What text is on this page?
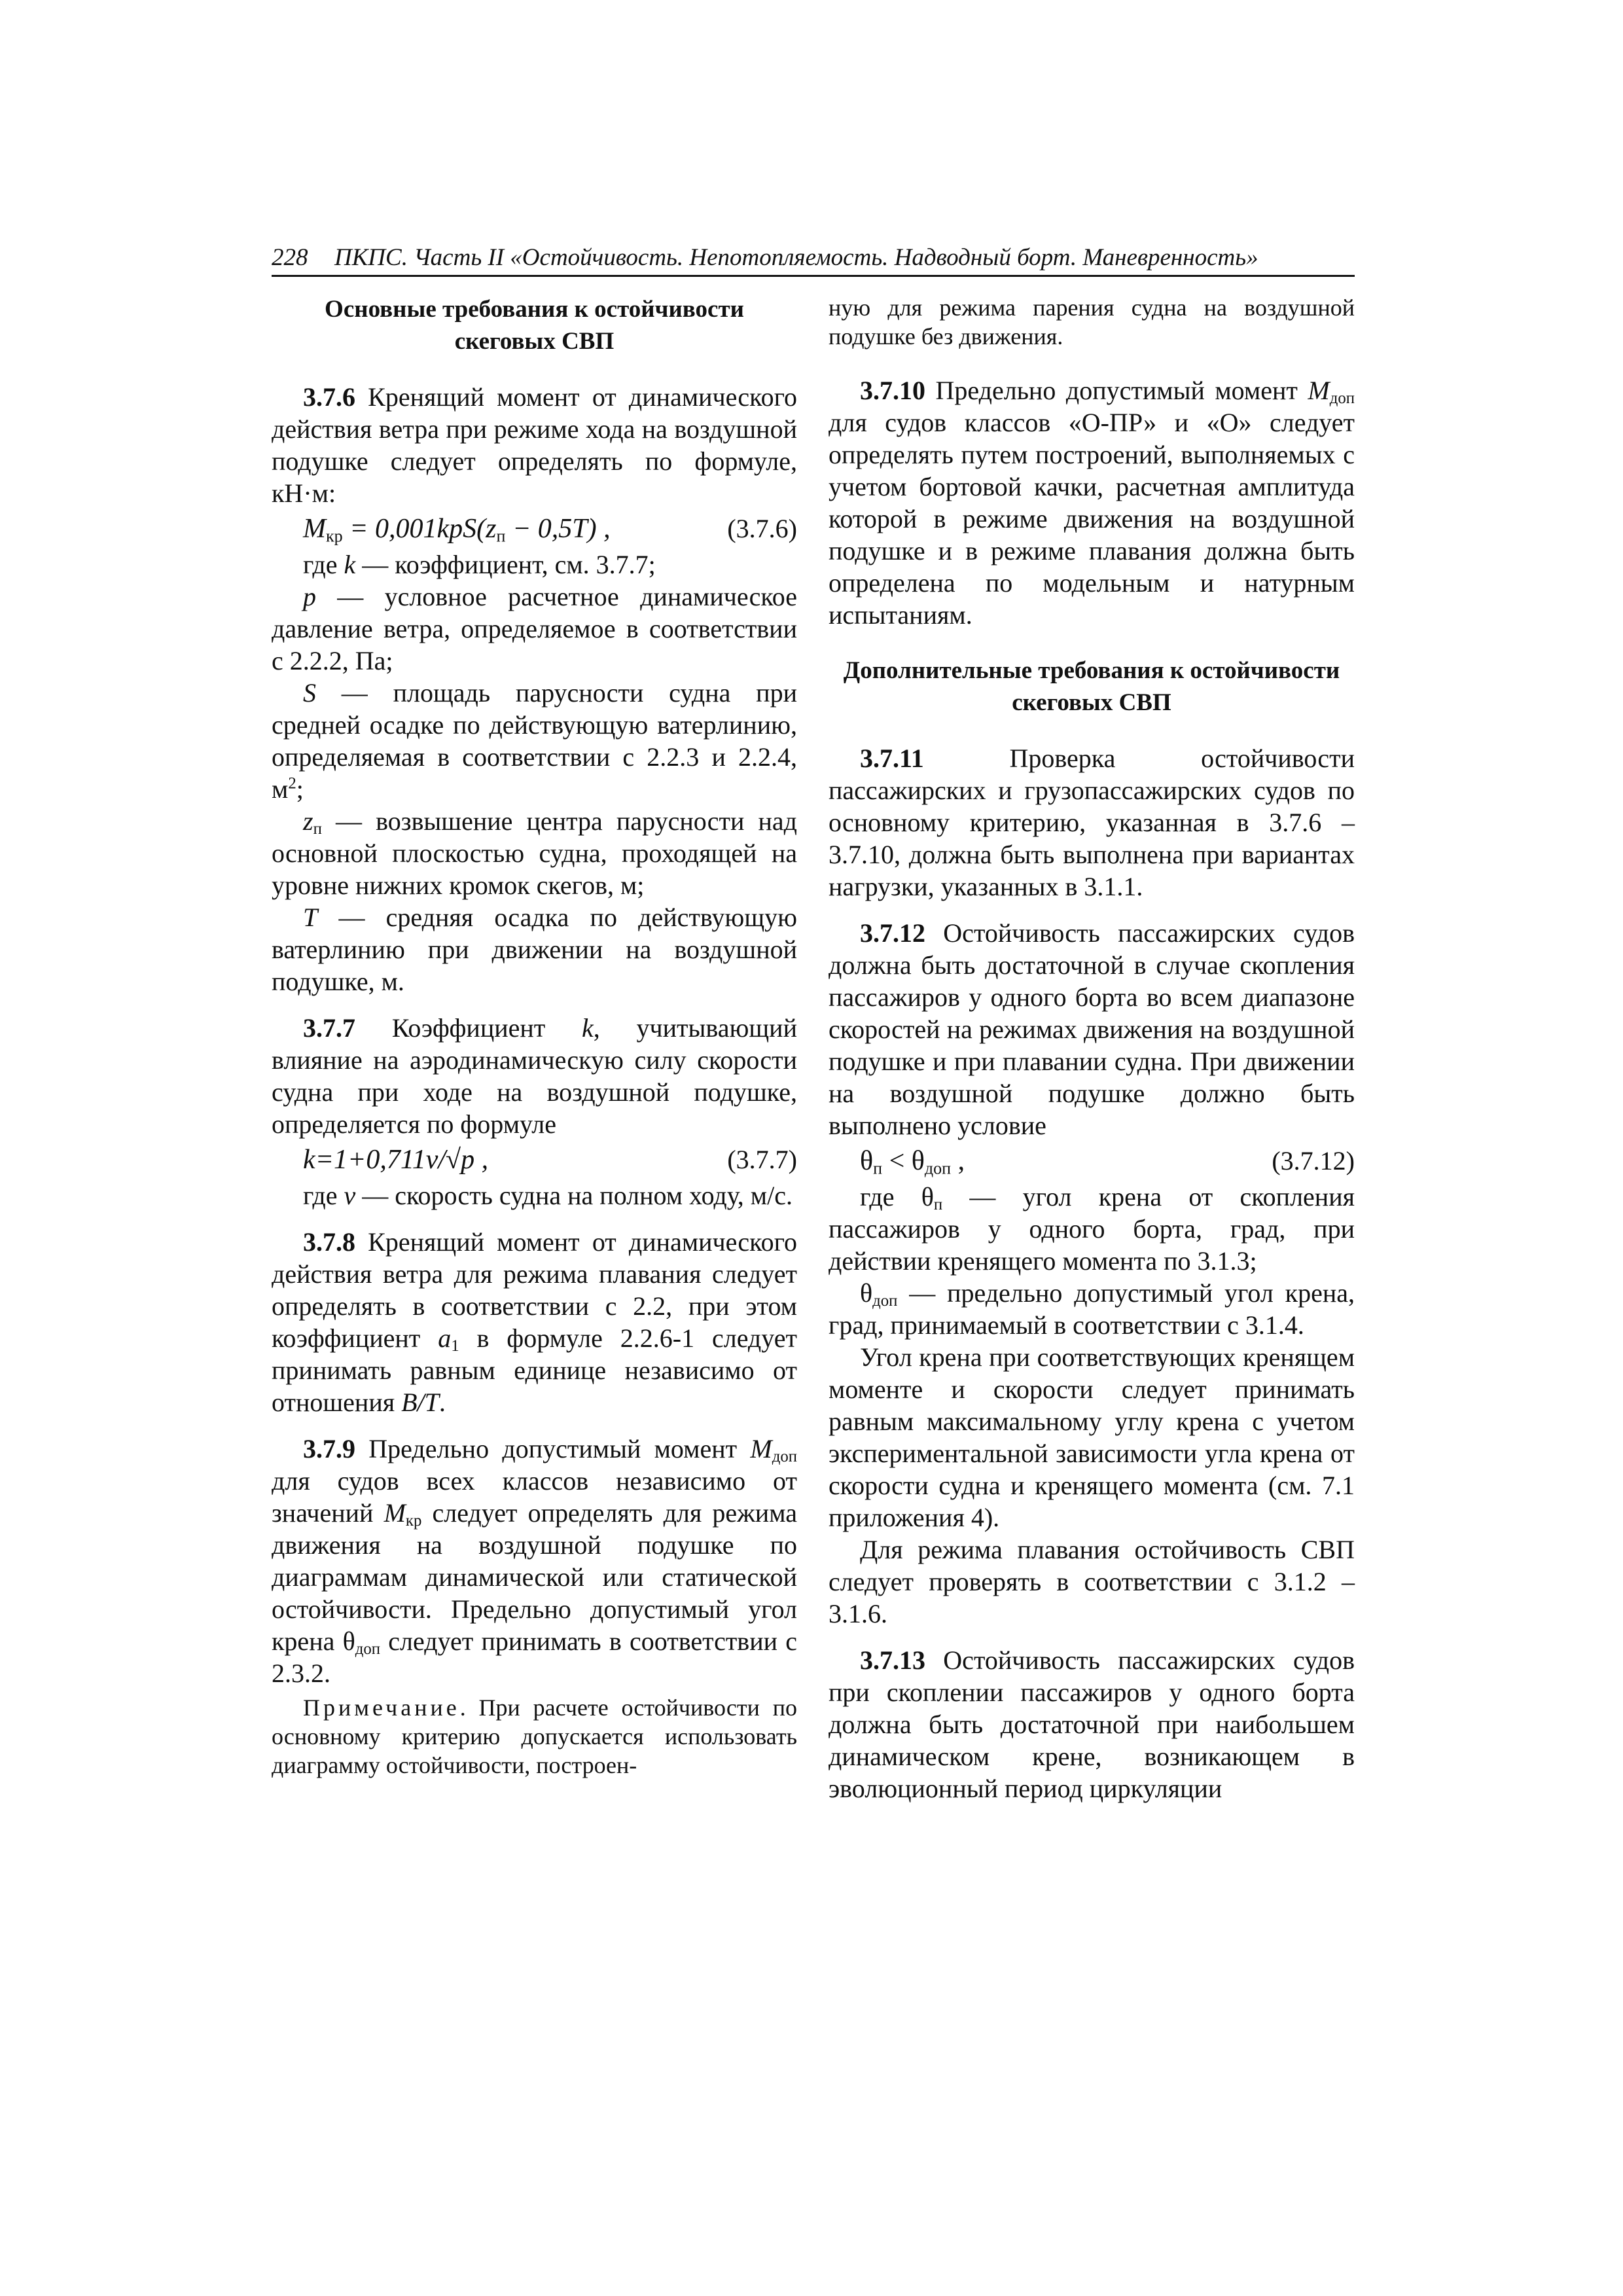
228 ПКПС. Часть II «Остойчивость. Непотопляемость. Надводный борт. Маневренность»
Основные требования к остойчивости
скеговых СВП

3.7.6 Кренящий момент от динамического действия ветра при режиме хода на воздушной подушке следует определять по формуле, кН·м:

$M_{кр} = 0,001kpS(z_п - 0,5T)$ ,	(3.7.6)

где k — коэффициент, см. 3.7.7;

p — условное расчетное динамическое давление ветра, определяемое в соответствии с 2.2.2, Па;

S — площадь парусности судна при средней осадке по действующую ватерлинию, определяемая в соответствии с 2.2.3 и 2.2.4, $м^2$;

$z_п$ — возвышение центра парусности над основной плоскостью судна, проходящей на уровне нижних кромок скегов, м;

T — средняя осадка по действующую ватерлинию при движении на воздушной подушке, м.

3.7.7 Коэффициент k, учитывающий влияние на аэродинамическую силу скорости судна при ходе на воздушной подушке, определяется по формуле

k=1+0,711v/√p ,	(3.7.7)

где v — скорость судна на полном ходу, м/с.

3.7.8 Кренящий момент от динамического действия ветра для режима плавания следует определять в соответствии с 2.2, при этом коэффициент $a_1$ в формуле 2.2.6-1 следует принимать равным единице независимо от отношения B/T.

3.7.9 Предельно допустимый момент $M_{доп}$ для судов всех классов независимо от значений $M_{кр}$ следует определять для режима движения на воздушной подушке по диаграммам динамической или статической остойчивости. Предельно допустимый угол крена $\theta_{доп}$ следует принимать в соответствии с 2.3.2.

Примечание. При расчете остойчивости по основному критерию допускается использовать диаграмму остойчивости, построен-

ную для режима парения судна на воздушной подушке без движения.

3.7.10 Предельно допустимый момент $M_{доп}$ для судов классов «О-ПР» и «О» следует определять путем построений, выполняемых с учетом бортовой качки, расчетная амплитуда которой в режиме движения на воздушной подушке и в режиме плавания должна быть определена по модельным и натурным испытаниям.

Дополнительные требования к остойчивости
скеговых СВП

3.7.11 Проверка остойчивости пассажирских и грузопассажирских судов по основному критерию, указанная в 3.7.6 – 3.7.10, должна быть выполнена при вариантах нагрузки, указанных в 3.1.1.

3.7.12 Остойчивость пассажирских судов должна быть достаточной в случае скопления пассажиров у одного борта во всем диапазоне скоростей на режимах движения на воздушной подушке и при плавании судна. При движении на воздушной подушке должно быть выполнено условие

$\theta_п < \theta_{доп}$ ,	(3.7.12)

где $\theta_п$ — угол крена от скопления пассажиров у одного борта, град, при действии кренящего момента по 3.1.3;

$\theta_{доп}$ — предельно допустимый угол крена, град, принимаемый в соответствии с 3.1.4.

Угол крена при соответствующих кренящем моменте и скорости следует принимать равным максимальному углу крена с учетом экспериментальной зависимости угла крена от скорости судна и кренящего момента (см. 7.1 приложения 4).

Для режима плавания остойчивость СВП следует проверять в соответствии с 3.1.2 – 3.1.6.

3.7.13 Остойчивость пассажирских судов при скоплении пассажиров у одного борта должна быть достаточной при наибольшем динамическом крене, возникающем в эволюционный период циркуляции
